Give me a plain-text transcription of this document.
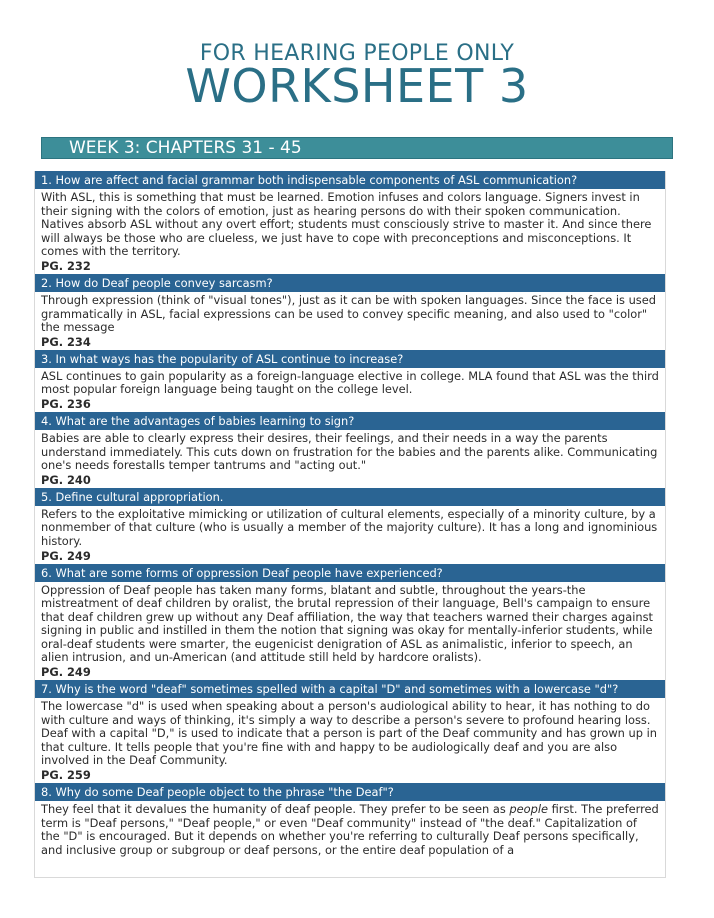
FOR HEARING PEOPLE ONLY
WORKSHEET 3
WEEK 3: CHAPTERS 31 - 45
1. How are affect and facial grammar both indispensable components of ASL communication?
With ASL, this is something that must be learned. Emotion infuses and colors language. Signers invest in their signing with the colors of emotion, just as hearing persons do with their spoken communication. Natives absorb ASL without any overt effort; students must consciously strive to master it. And since there will always be those who are clueless, we just have to cope with preconceptions and misconceptions. It comes with the territory.
PG. 232
2. How do Deaf people convey sarcasm?
Through expression (think of "visual tones"), just as it can be with spoken languages. Since the face is used grammatically in ASL, facial expressions can be used to convey specific meaning, and also used to "color" the message
PG. 234
3. In what ways has the popularity of ASL continue to increase?
ASL continues to gain popularity as a foreign-language elective in college. MLA found that ASL was the third most popular foreign language being taught on the college level.
PG. 236
4. What are the advantages of babies learning to sign?
Babies are able to clearly express their desires, their feelings, and their needs in a way the parents understand immediately. This cuts down on frustration for the babies and the parents alike. Communicating one's needs forestalls temper tantrums and "acting out."
PG. 240
5. Define cultural appropriation.
Refers to the exploitative mimicking or utilization of cultural elements, especially of a minority culture, by a nonmember of that culture (who is usually a member of the majority culture). It has a long and ignominious history.
PG. 249
6. What are some forms of oppression Deaf people have experienced?
Oppression of Deaf people has taken many forms, blatant and subtle, throughout the years-the mistreatment of deaf children by oralist, the brutal repression of their language, Bell's campaign to ensure that deaf children grew up without any Deaf affiliation, the way that teachers warned their charges against signing in public and instilled in them the notion that signing was okay for mentally-inferior students, while oral-deaf students were smarter, the eugenicist denigration of ASL as animalistic, inferior to speech, an alien intrusion, and un-American (and attitude still held by hardcore oralists).
PG. 249
7. Why is the word "deaf" sometimes spelled with a capital "D" and sometimes with a lowercase "d"?
The lowercase "d" is used when speaking about a person's audiological ability to hear, it has nothing to do with culture and ways of thinking, it's simply a way to describe a person's severe to profound hearing loss. Deaf with a capital "D," is used to indicate that a person is part of the Deaf community and has grown up in that culture. It tells people that you're fine with and happy to be audiologically deaf and you are also involved in the Deaf Community.
PG. 259
8. Why do some Deaf people object to the phrase "the Deaf"?
They feel that it devalues the humanity of deaf people. They prefer to be seen as people first. The preferred term is "Deaf persons," "Deaf people," or even "Deaf community" instead of "the deaf." Capitalization of the "D" is encouraged. But it depends on whether you're referring to culturally Deaf persons specifically, and inclusive group or subgroup or deaf persons, or the entire deaf population of a
